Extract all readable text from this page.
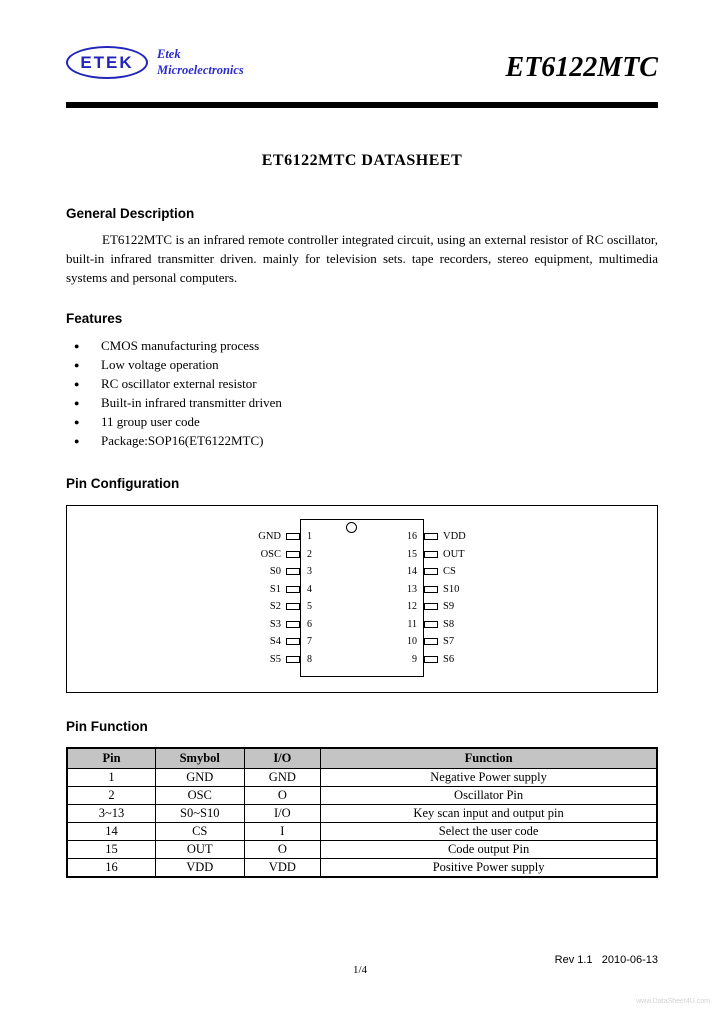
ETEK Etek
Microelectronics	ET6122MTC
ET6122MTC DATASHEET
General Description

ET6122MTC is an infrared remote controller integrated circuit, using an external resistor of RC oscillator, built-in infrared transmitter driven. mainly for television sets. tape recorders, stereo equipment, multimedia systems and personal computers.

Features
●	CMOS manufacturing process
●	Low voltage operation
●	RC oscillator external resistor
●	Built-in infrared transmitter driven
●	11 group user code
●	Package:SOP16(ET6122MTC)
Pin Configuration
GND	1	16	VDD
OSC	2	15	OUT
S0	3	14	CS
S1	4	13	S10
S2	5	12	S9
S3	6	11	S8
S4	7	10	S7
S5	8	9	S6
Pin Function
Pin	Smybol	I/O	Function
1	GND	GND	Negative Power supply
2	OSC	O	Oscillator Pin
3~13	S0~S10	I/O	Key scan input and output pin
14	CS	I	Select the user code
15	OUT	O	Code output Pin
16	VDD	VDD	Positive Power supply
Rev 1.1   2010-06-13
1/4
www.DataSheet4U.com
